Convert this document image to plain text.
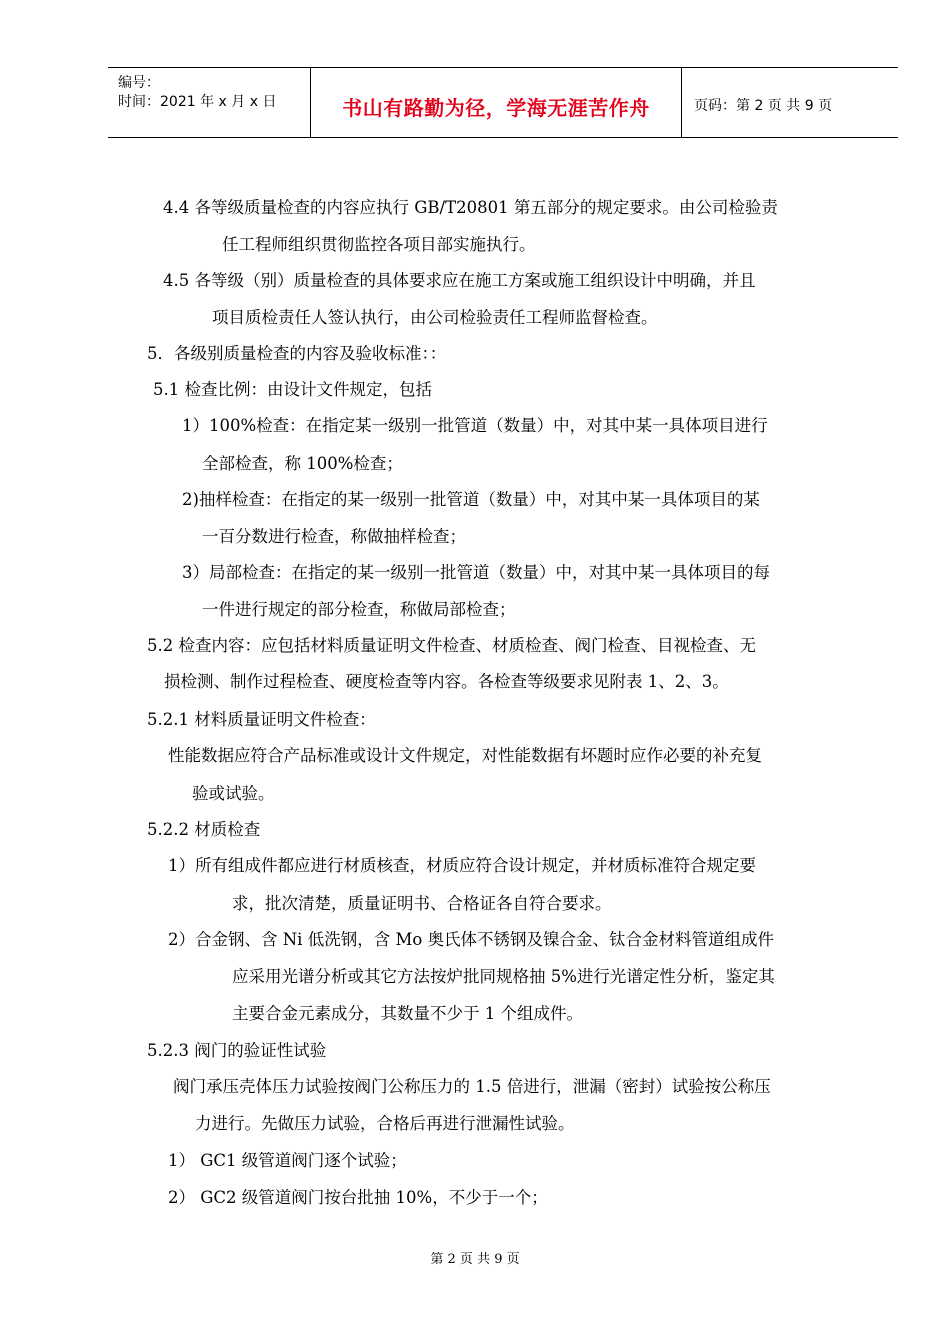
编号：
时间：2021 年 x 月 x 日	书山有路勤为径，学海无涯苦作舟	页码：第 2 页 共 9 页
4.4 各等级质量检查的内容应执行 GB/T20801 第五部分的规定要求。由公司检验责
任工程师组织贯彻监控各项目部实施执行。
4.5 各等级（别）质量检查的具体要求应在施工方案或施工组织设计中明确，并且
项目质检责任人签认执行，由公司检验责任工程师监督检查。
5．各级别质量检查的内容及验收标准：：
5.1 检查比例：由设计文件规定，包括
1）100%检查：在指定某一级别一批管道（数量）中，对其中某一具体项目进行
全部检查，称 100%检查；
2)抽样检查：在指定的某一级别一批管道（数量）中，对其中某一具体项目的某
一百分数进行检查，称做抽样检查；
3）局部检查：在指定的某一级别一批管道（数量）中，对其中某一具体项目的每
一件进行规定的部分检查，称做局部检查；
5.2 检查内容：应包括材料质量证明文件检查、材质检查、阀门检查、目视检查、无
损检测、制作过程检查、硬度检查等内容。各检查等级要求见附表 1、2、3。
5.2.1 材料质量证明文件检查：
性能数据应符合产品标准或设计文件规定，对性能数据有坏题时应作必要的补充复
验或试验。
5.2.2 材质检查
1）所有组成件都应进行材质核查，材质应符合设计规定，并材质标准符合规定要
求，批次清楚，质量证明书、合格证各自符合要求。
2）合金钢、含 Ni 低洗钢，含 Mo 奥氏体不锈钢及镍合金、钛合金材料管道组成件
应采用光谱分析或其它方法按炉批同规格抽 5%进行光谱定性分析，鉴定其
主要合金元素成分，其数量不少于 1 个组成件。
5.2.3 阀门的验证性试验
阀门承压壳体压力试验按阀门公称压力的 1.5 倍进行，泄漏（密封）试验按公称压
力进行。先做压力试验，合格后再进行泄漏性试验。
1） GC1 级管道阀门逐个试验；
2） GC2 级管道阀门按台批抽 10%，不少于一个；
第 2 页 共 9 页
